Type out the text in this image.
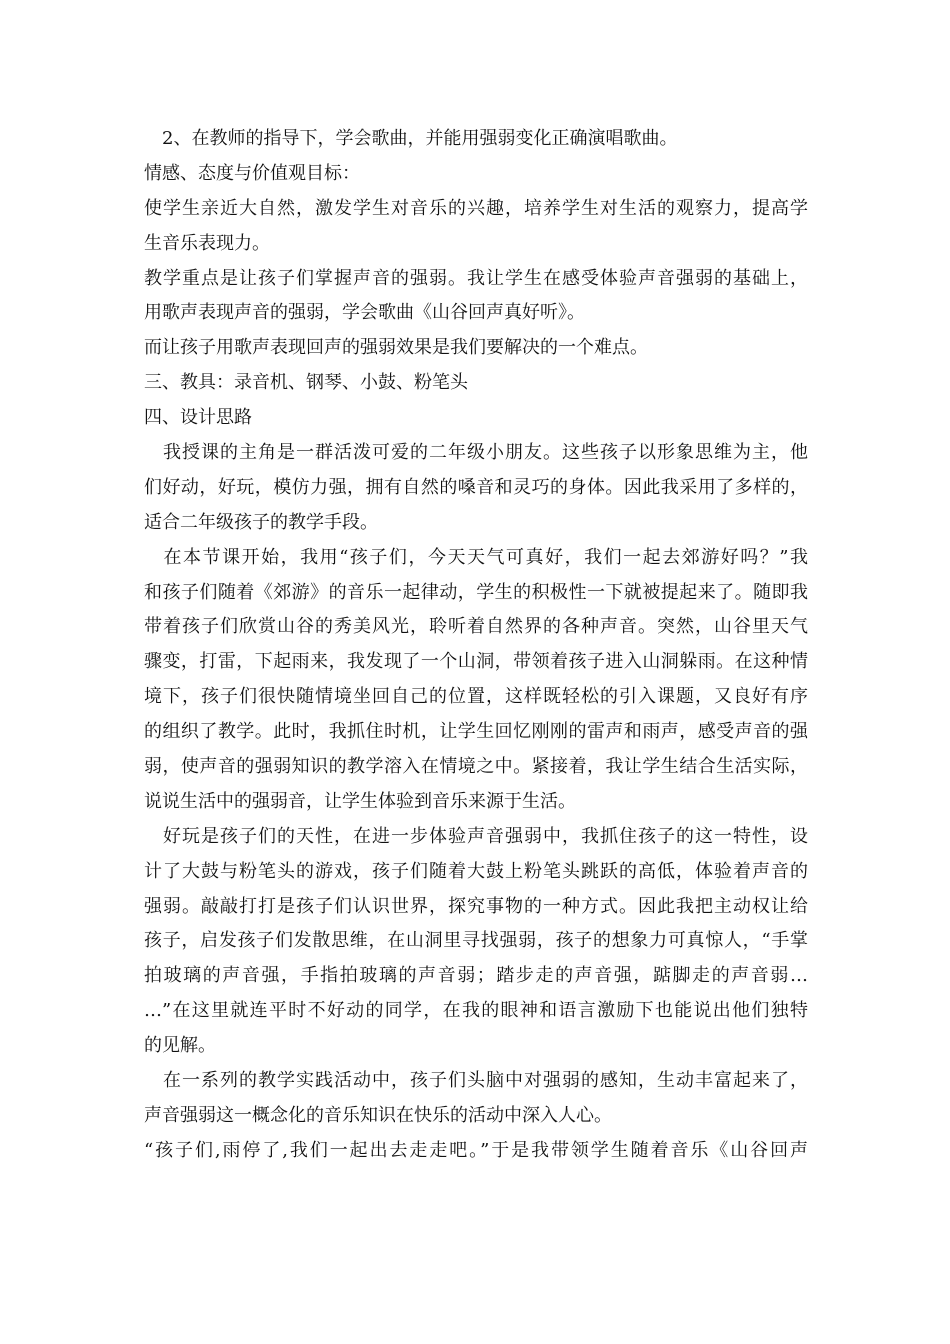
　2、在教师的指导下，学会歌曲，并能用强弱变化正确演唱歌曲。
情感、态度与价值观目标：
使学生亲近大自然，激发学生对音乐的兴趣，培养学生对生活的观察力，提高学
生音乐表现力。
教学重点是让孩子们掌握声音的强弱。我让学生在感受体验声音强弱的基础上，
用歌声表现声音的强弱，学会歌曲《山谷回声真好听》。
而让孩子用歌声表现回声的强弱效果是我们要解决的一个难点。
三、教具：录音机、钢琴、小鼓、粉笔头
四、设计思路
　我授课的主角是一群活泼可爱的二年级小朋友。这些孩子以形象思维为主，他
们好动，好玩，模仿力强，拥有自然的嗓音和灵巧的身体。因此我采用了多样的，
适合二年级孩子的教学手段。
　在本节课开始，我用“孩子们，今天天气可真好，我们一起去郊游好吗？”我
和孩子们随着《郊游》的音乐一起律动，学生的积极性一下就被提起来了。随即我
带着孩子们欣赏山谷的秀美风光，聆听着自然界的各种声音。突然，山谷里天气
骤变，打雷，下起雨来，我发现了一个山洞，带领着孩子进入山洞躲雨。在这种情
境下，孩子们很快随情境坐回自己的位置，这样既轻松的引入课题，又良好有序
的组织了教学。此时，我抓住时机，让学生回忆刚刚的雷声和雨声，感受声音的强
弱，使声音的强弱知识的教学溶入在情境之中。紧接着，我让学生结合生活实际，
说说生活中的强弱音，让学生体验到音乐来源于生活。
　好玩是孩子们的天性，在进一步体验声音强弱中，我抓住孩子的这一特性，设
计了大鼓与粉笔头的游戏，孩子们随着大鼓上粉笔头跳跃的高低，体验着声音的
强弱。敲敲打打是孩子们认识世界，探究事物的一种方式。因此我把主动权让给
孩子，启发孩子们发散思维，在山洞里寻找强弱，孩子的想象力可真惊人，“手掌
拍玻璃的声音强，手指拍玻璃的声音弱；踏步走的声音强，踮脚走的声音弱…
…”在这里就连平时不好动的同学，在我的眼神和语言激励下也能说出他们独特
的见解。
　在一系列的教学实践活动中，孩子们头脑中对强弱的感知，生动丰富起来了，
声音强弱这一概念化的音乐知识在快乐的活动中深入人心。
“孩子们,雨停了,我们一起出去走走吧。”于是我带领学生随着音乐《山谷回声
